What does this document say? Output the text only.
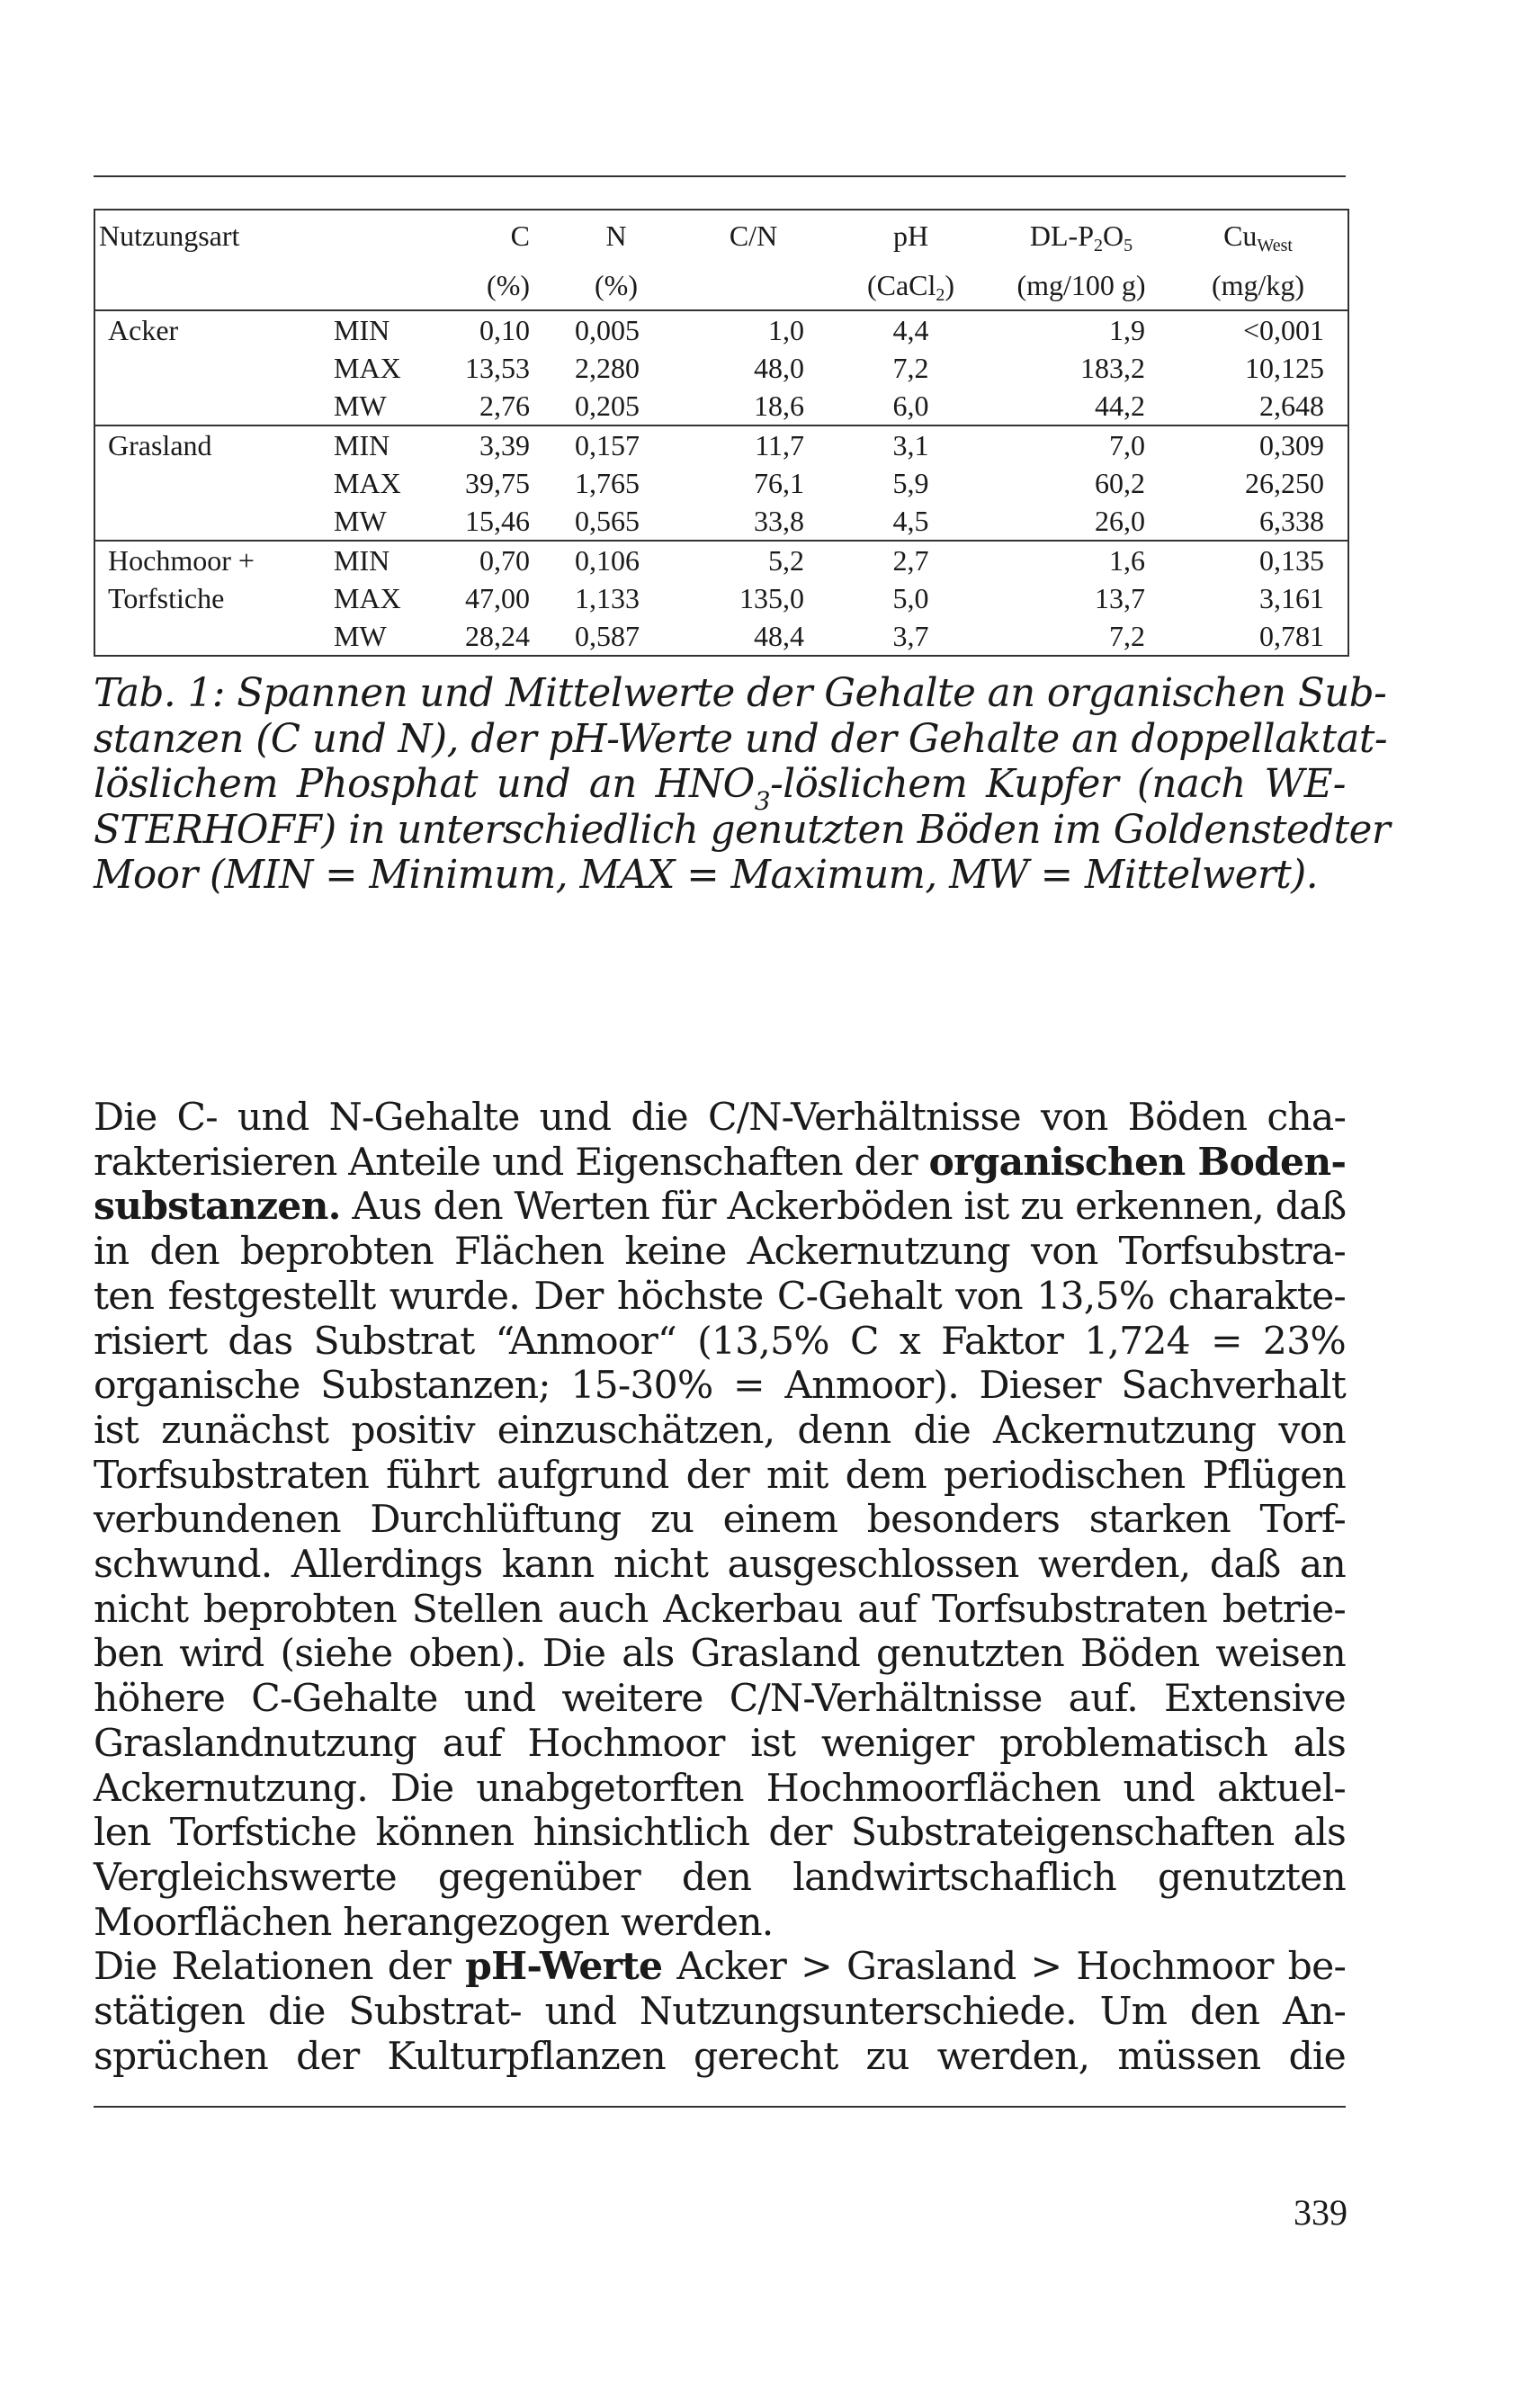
Nutzungsart		C	N	C/N	pH	DL-P2O5	CuWest
		(%)	(%)		(CaCl2)	(mg/100 g)	(mg/kg)
Acker	MIN	0,10	0,005	1,0	4,4	1,9	<0,001
	MAX	13,53	2,280	48,0	7,2	183,2	10,125
	MW	2,76	0,205	18,6	6,0	44,2	2,648
Grasland	MIN	3,39	0,157	11,7	3,1	7,0	0,309
	MAX	39,75	1,765	76,1	5,9	60,2	26,250
	MW	15,46	0,565	33,8	4,5	26,0	6,338
Hochmoor +	MIN	0,70	0,106	5,2	2,7	1,6	0,135
Torfstiche	MAX	47,00	1,133	135,0	5,0	13,7	3,161
	MW	28,24	0,587	48,4	3,7	7,2	0,781

Tab. 1: Spannen und Mittelwerte der Gehalte an organischen Sub-
stanzen (C und N), der pH-Werte und der Gehalte an doppellaktat-
löslichem Phosphat und an $HNO_3$-löslichem Kupfer (nach WE-
STERHOFF) in unterschiedlich genutzten Böden im Goldenstedter
Moor (MIN = Minimum, MAX = Maximum, MW = Mittelwert).

Die C- und N-Gehalte und die C/N-Verhältnisse von Böden cha-
rakterisieren Anteile und Eigenschaften der organischen Boden-
substanzen. Aus den Werten für Ackerböden ist zu erkennen, daß
in den beprobten Flächen keine Ackernutzung von Torfsubstra-
ten festgestellt wurde. Der höchste C-Gehalt von 13,5% charakte-
risiert das Substrat “Anmoor“ (13,5% C x Faktor 1,724 = 23%
organische Substanzen; 15-30% = Anmoor). Dieser Sachverhalt
ist zunächst positiv einzuschätzen, denn die Ackernutzung von
Torfsubstraten führt aufgrund der mit dem periodischen Pflügen
verbundenen Durchlüftung zu einem besonders starken Torf-
schwund. Allerdings kann nicht ausgeschlossen werden, daß an
nicht beprobten Stellen auch Ackerbau auf Torfsubstraten betrie-
ben wird (siehe oben). Die als Grasland genutzten Böden weisen
höhere C-Gehalte und weitere C/N-Verhältnisse auf. Extensive
Graslandnutzung auf Hochmoor ist weniger problematisch als
Ackernutzung. Die unabgetorften Hochmoorflächen und aktuel-
len Torfstiche können hinsichtlich der Substrateigenschaften als
Vergleichswerte gegenüber den landwirtschaflich genutzten
Moorflächen herangezogen werden.
Die Relationen der pH-Werte Acker > Grasland > Hochmoor be-
stätigen die Substrat- und Nutzungsunterschiede. Um den An-
sprüchen der Kulturpflanzen gerecht zu werden, müssen die

339
